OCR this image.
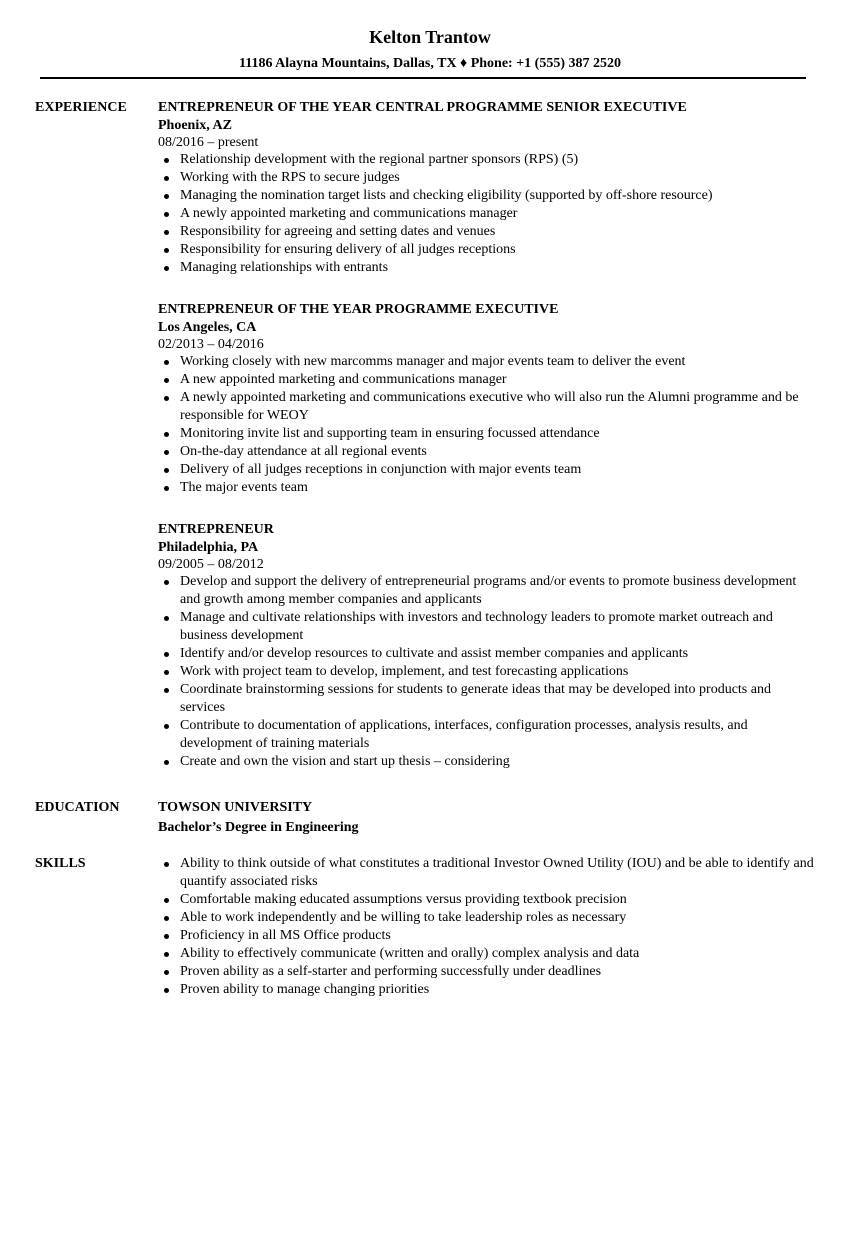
Kelton Trantow
11186 Alayna Mountains, Dallas, TX ♦ Phone: +1 (555) 387 2520
EXPERIENCE ENTREPRENEUR OF THE YEAR CENTRAL PROGRAMME SENIOR EXECUTIVE
Phoenix, AZ
08/2016 – present
Relationship development with the regional partner sponsors (RPS) (5)
Working with the RPS to secure judges
Managing the nomination target lists and checking eligibility (supported by off-shore resource)
A newly appointed marketing and communications manager
Responsibility for agreeing and setting dates and venues
Responsibility for ensuring delivery of all judges receptions
Managing relationships with entrants
ENTREPRENEUR OF THE YEAR PROGRAMME EXECUTIVE
Los Angeles, CA
02/2013 – 04/2016
Working closely with new marcomms manager and major events team to deliver the event
A new appointed marketing and communications manager
A newly appointed marketing and communications executive who will also run the Alumni programme and be responsible for WEOY
Monitoring invite list and supporting team in ensuring focussed attendance
On-the-day attendance at all regional events
Delivery of all judges receptions in conjunction with major events team
The major events team
ENTREPRENEUR
Philadelphia, PA
09/2005 – 08/2012
Develop and support the delivery of entrepreneurial programs and/or events to promote business development and growth among member companies and applicants
Manage and cultivate relationships with investors and technology leaders to promote market outreach and business development
Identify and/or develop resources to cultivate and assist member companies and applicants
Work with project team to develop, implement, and test forecasting applications
Coordinate brainstorming sessions for students to generate ideas that may be developed into products and services
Contribute to documentation of applications, interfaces, configuration processes, analysis results, and development of training materials
Create and own the vision and start up thesis – considering
EDUCATION	TOWSON UNIVERSITY
Bachelor’s Degree in Engineering
SKILLS	Ability to think outside of what constitutes a traditional Investor Owned Utility (IOU) and be able to identify and quantify associated risks
Comfortable making educated assumptions versus providing textbook precision
Able to work independently and be willing to take leadership roles as necessary
Proficiency in all MS Office products
Ability to effectively communicate (written and orally) complex analysis and data
Proven ability as a self-starter and performing successfully under deadlines
Proven ability to manage changing priorities
